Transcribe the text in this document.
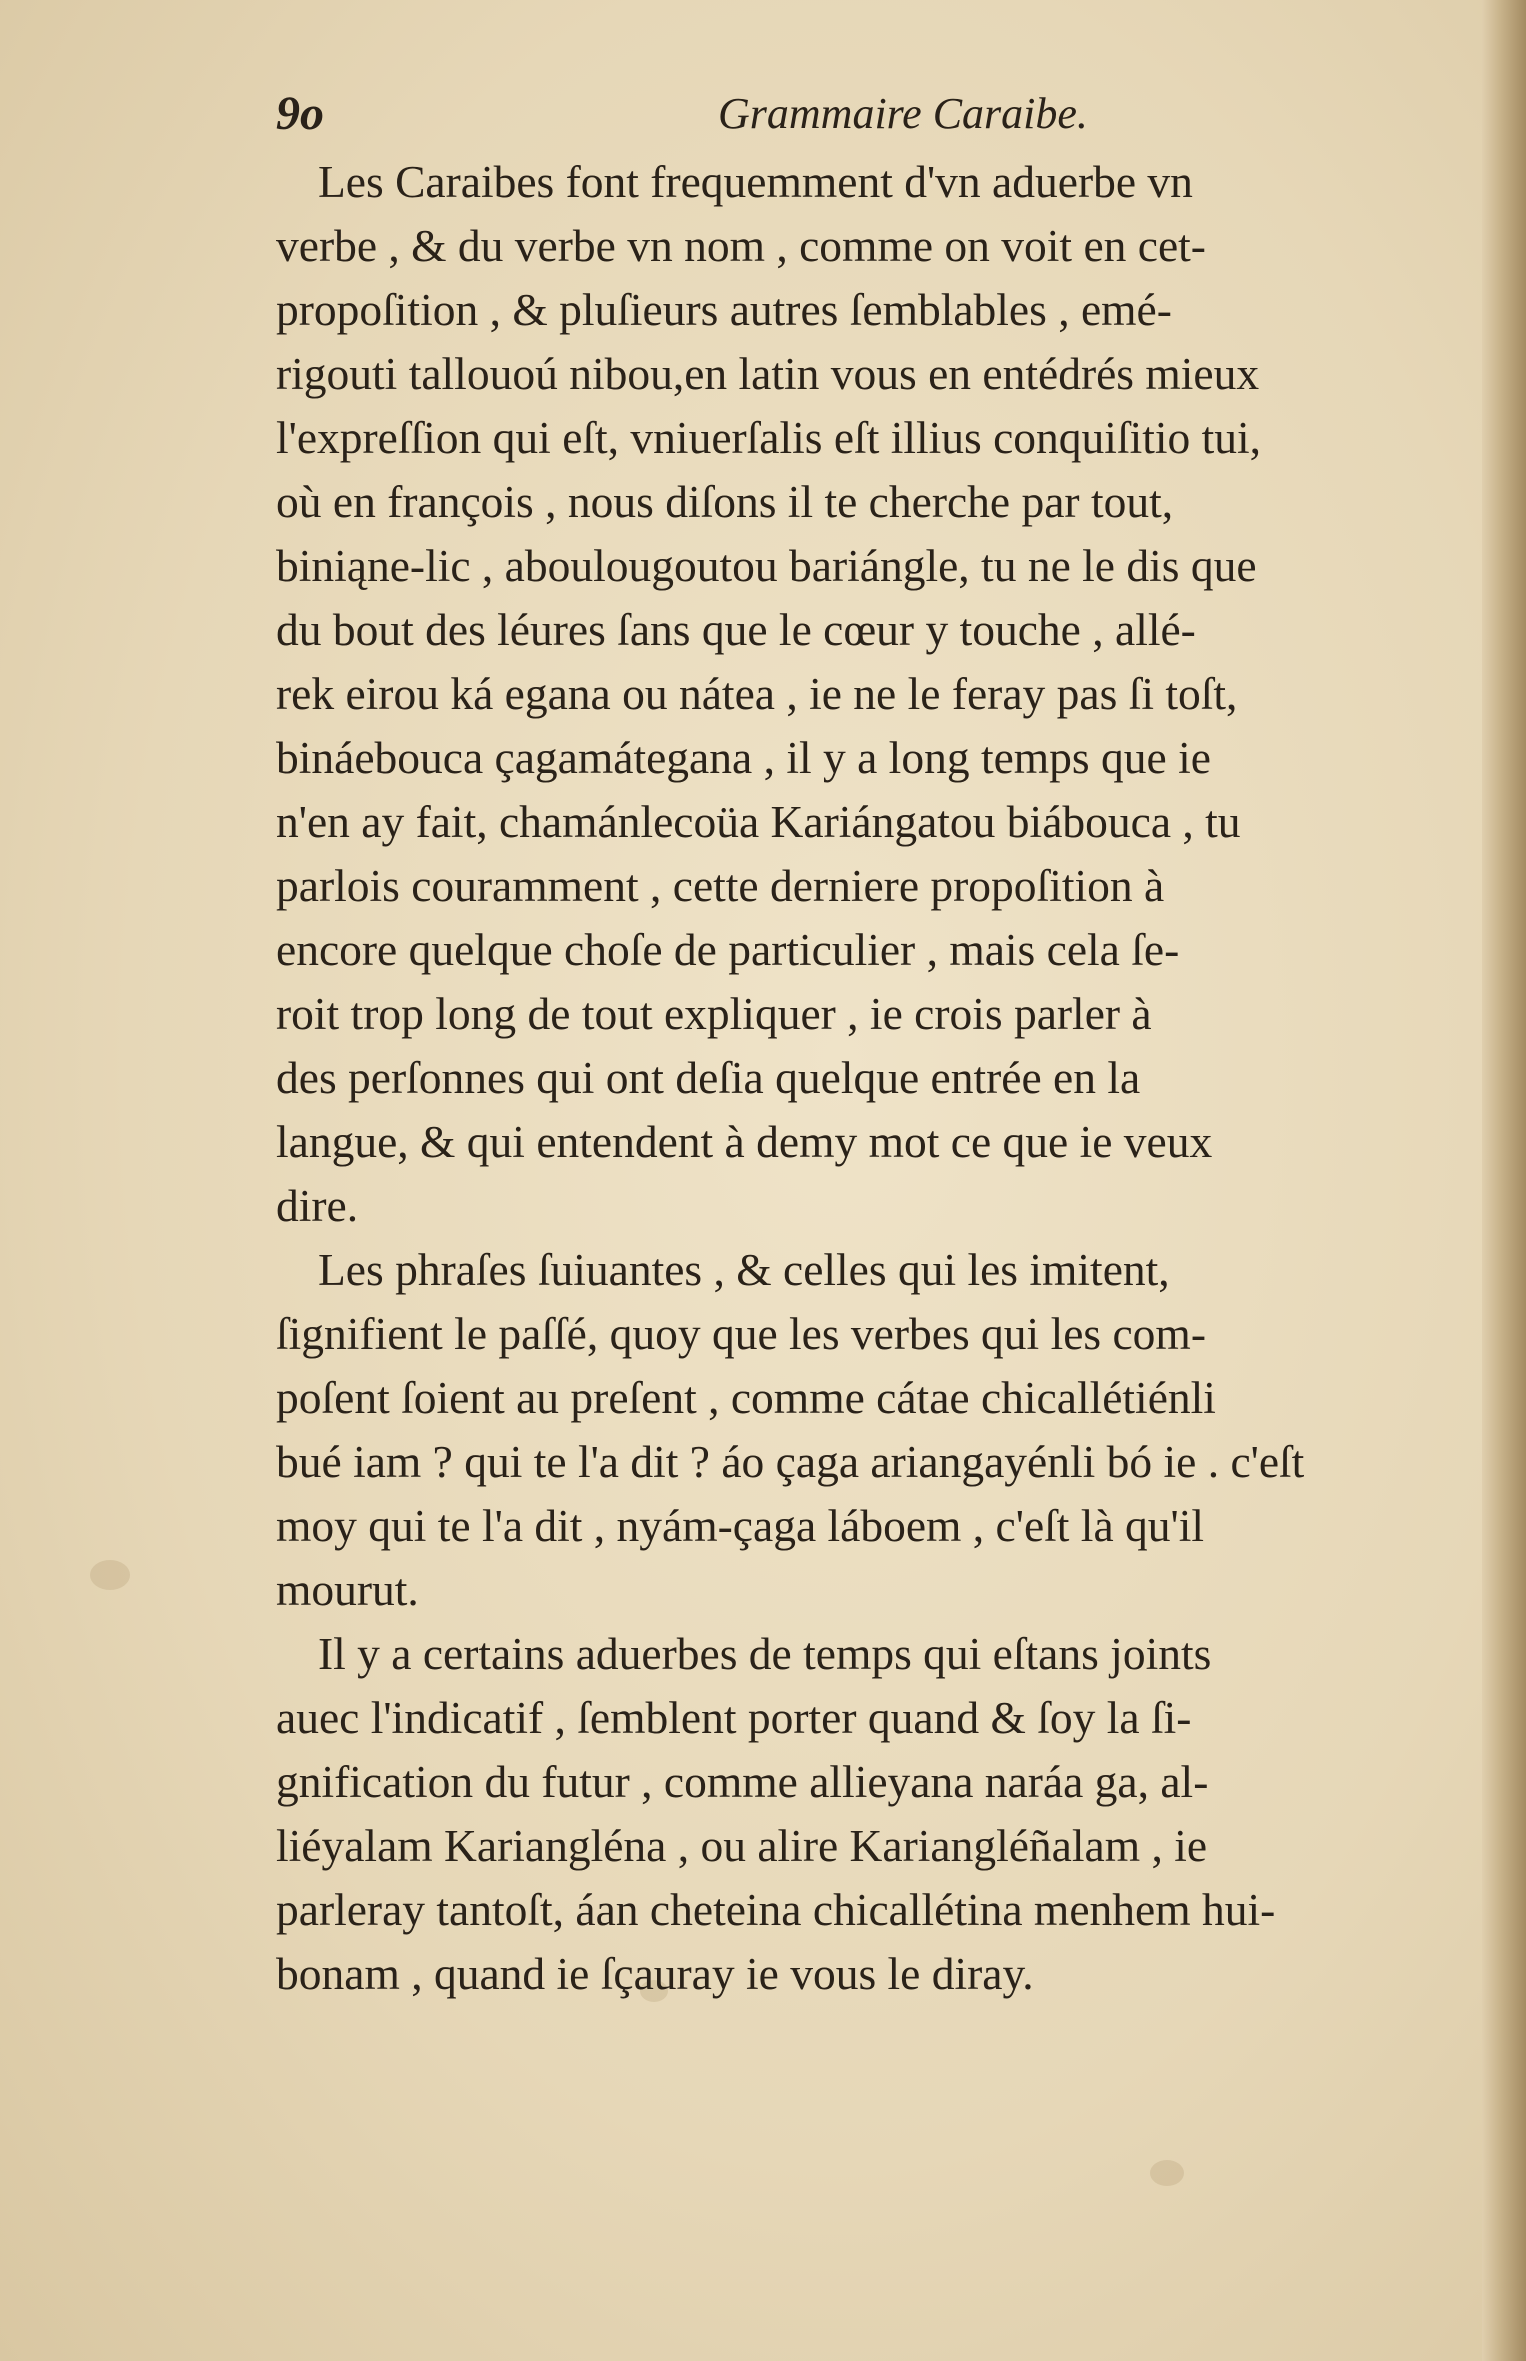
9o	Grammaire Caraibe.
Les Caraibes font frequemment d'vn aduerbe vn
verbe , & du verbe vn nom , comme on voit en cet-
propoſition , & pluſieurs autres ſemblables , emé-
rigouti tallouoú nibou,en latin vous en entédrés mieux
l'expreſſion qui eſt, vniuerſalis eſt illius conquiſitio tui,
où en françois , nous diſons il te cherche par tout,
biniąne-lic , aboulougoutou bariángle, tu ne le dis que
du bout des léures ſans que le cœur y touche , allé-
rek eirou ká egana ou nátea , ie ne le feray pas ſi toſt,
bináebouca çagamátegana , il y a long temps que ie
n'en ay fait, chamánlecoüa Kariángatou biábouca , tu
parlois couramment , cette derniere propoſition à
encore quelque choſe de particulier , mais cela ſe-
roit trop long de tout expliquer , ie crois parler à
des perſonnes qui ont deſia quelque entrée en la
langue, & qui entendent à demy mot ce que ie veux
dire.
Les phraſes ſuiuantes , & celles qui les imitent,
ſignifient le paſſé, quoy que les verbes qui les com-
poſent ſoient au preſent , comme cátae chicallétiénli
bué iam ? qui te l'a dit ? áo çaga ariangayénli bó ie . c'eſt
moy qui te l'a dit , nyám-çaga láboem , c'eſt là qu'il
mourut.
Il y a certains aduerbes de temps qui eſtans joints
auec l'indicatif , ſemblent porter quand & ſoy la ſi-
gnification du futur , comme allieyana naráa ga, al-
liéyalam Kariangléna , ou alire Kariangléñalam , ie
parleray tantoſt, áan cheteina chicallétina menhem hui-
bonam , quand ie ſçauray ie vous le diray.
